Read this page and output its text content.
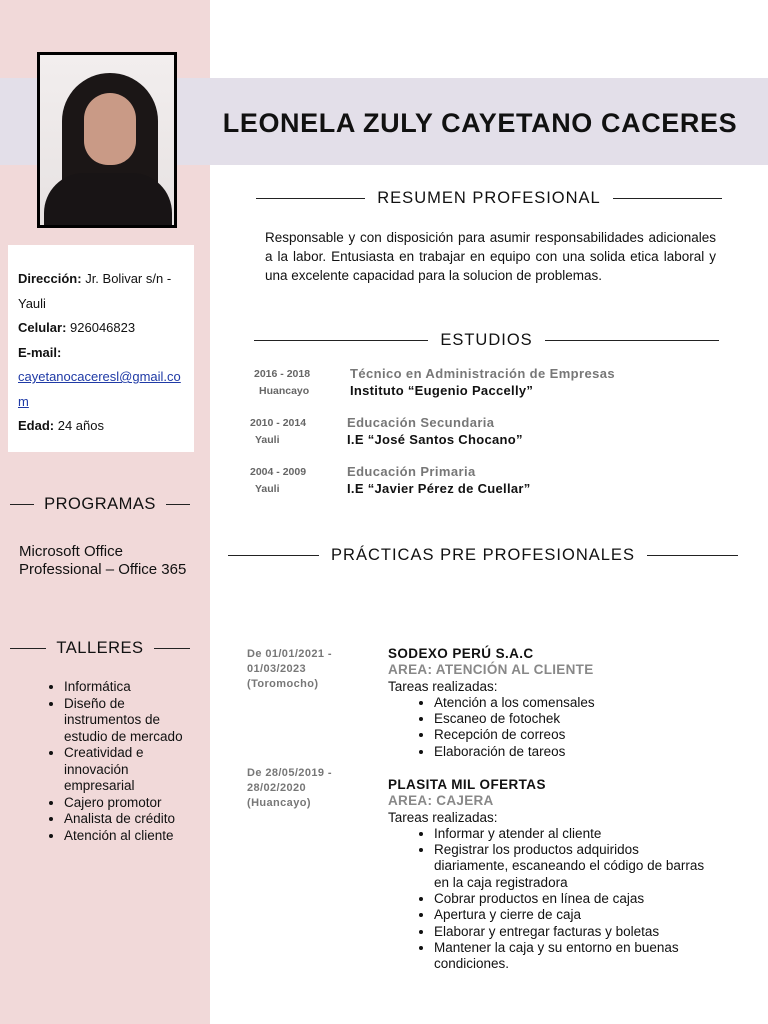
Dirección: Jr. Bolivar s/n - Yauli
Celular: 926046823
E-mail:
cayetanocaceresl@gmail.com
Edad: 24 años
PROGRAMAS
Microsoft Office Professional – Office 365
TALLERES
• Informática
• Diseño de instrumentos de estudio de mercado
• Creatividad e innovación empresarial
• Cajero promotor
• Analista de crédito
• Atención al cliente
LEONELA ZULY CAYETANO CACERES
RESUMEN PROFESIONAL
Responsable y con disposición para asumir responsabilidades adicionales a la labor. Entusiasta en trabajar en equipo con una solida etica laboral y una excelente capacidad para la solucion de problemas.
ESTUDIOS
2016 - 2018
Huancayo
Técnico en Administración de Empresas
Instituto “Eugenio Paccelly”
2010 - 2014
Yauli
Educación Secundaria
I.E “José Santos Chocano”
2004 - 2009
Yauli
Educación Primaria
I.E “Javier Pérez de Cuellar”
PRÁCTICAS PRE PROFESIONALES
De 01/01/2021 - 01/03/2023 (Toromocho)
SODEXO PERÚ S.A.C
AREA: ATENCIÓN AL CLIENTE
Tareas realizadas:
• Atención a los comensales
• Escaneo de fotochek
• Recepción de correos
• Elaboración de tareos
De 28/05/2019 - 28/02/2020 (Huancayo)
PLASITA MIL OFERTAS
AREA: CAJERA
Tareas realizadas:
• Informar y atender al cliente
• Registrar los productos adquiridos diariamente, escaneando el código de barras en la caja registradora
• Cobrar productos en línea de cajas
• Apertura y cierre de caja
• Elaborar y entregar facturas y boletas
• Mantener la caja y su entorno en buenas condiciones.
